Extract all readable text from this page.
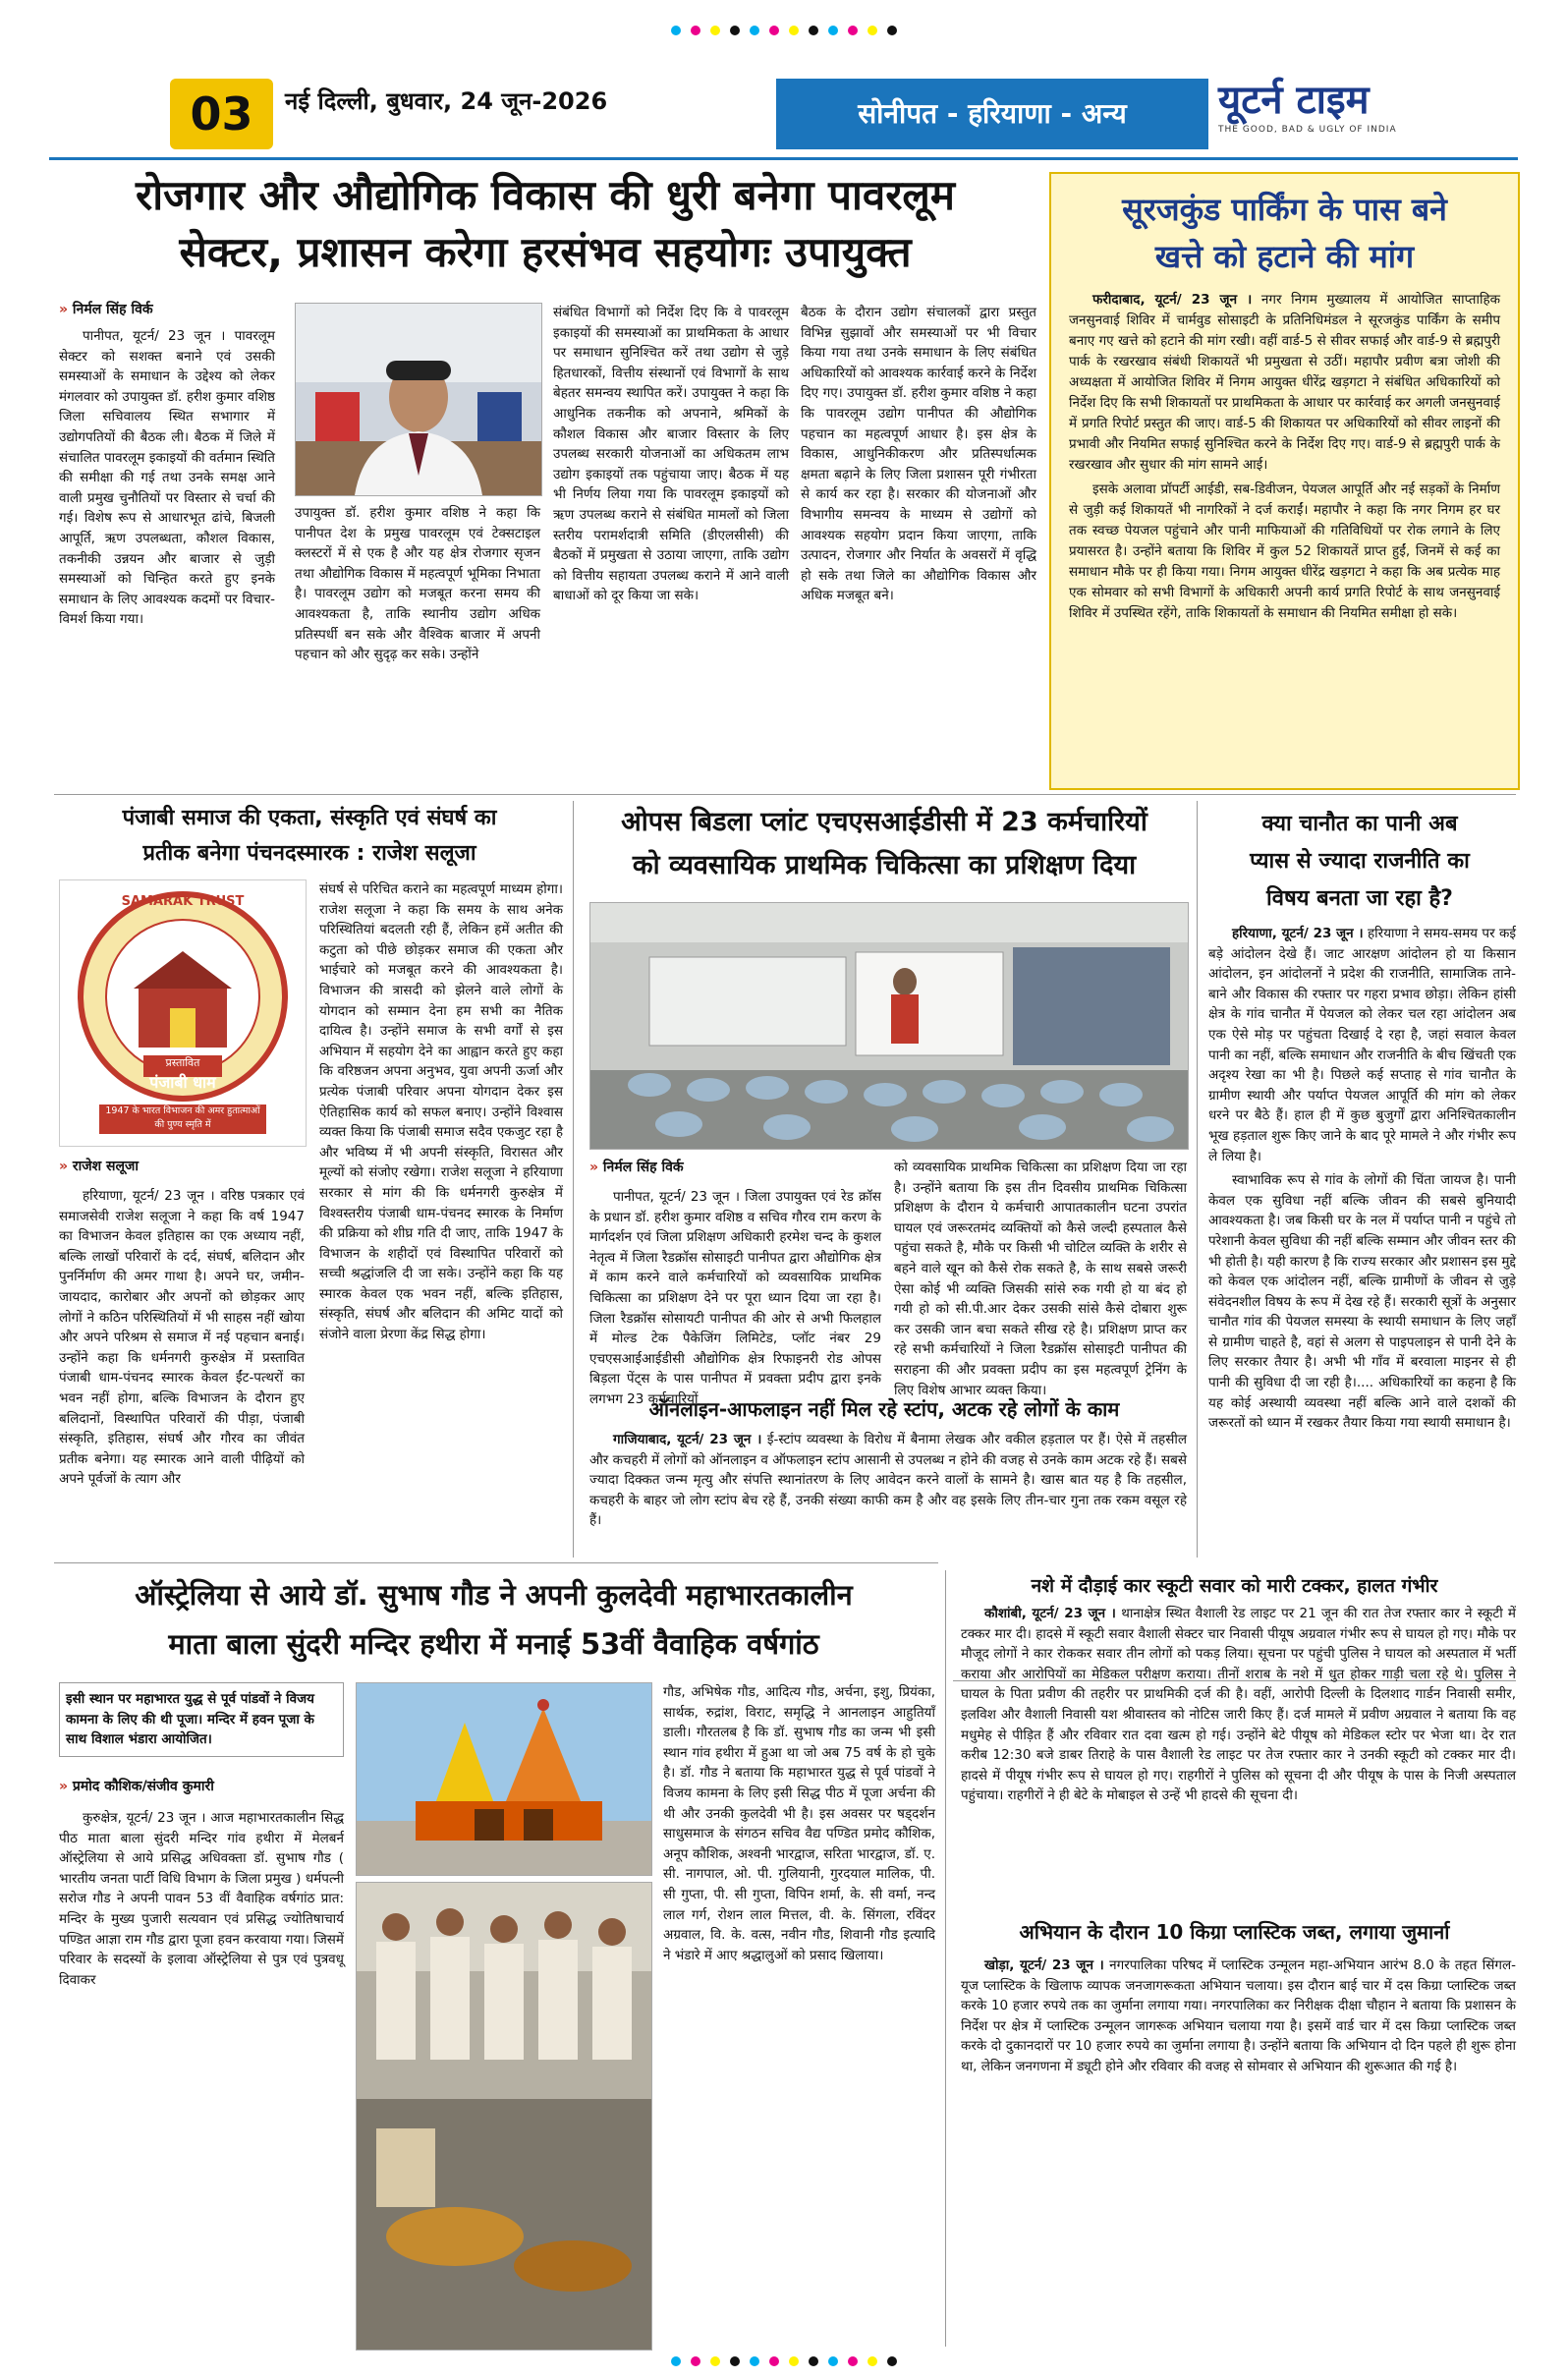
03	नई दिल्ली, बुधवार, 24 जून-2026	सोनीपत - हरियाणा - अन्य	यूटर्न टाइम
THE GOOD, BAD & UGLY OF INDIA
रोजगार और औद्योगिक विकास की धुरी बनेगा पावरलूम
सेक्टर, प्रशासन करेगा हरसंभव सहयोगः उपायुक्त
» निर्मल सिंह विर्क

पानीपत, यूटर्न/ 23 जून । पावरलूम सेक्टर को सशक्त बनाने एवं उसकी समस्याओं के समाधान के उद्देश्य को लेकर मंगलवार को उपायुक्त डॉ. हरीश कुमार वशिष्ठ जिला सचिवालय स्थित सभागार में उद्योगपतियों की बैठक ली। बैठक में जिले में संचालित पावरलूम इकाइयों की वर्तमान स्थिति की समीक्षा की गई तथा उनके समक्ष आने वाली प्रमुख चुनौतियों पर विस्तार से चर्चा की गई। विशेष रूप से आधारभूत ढांचे, बिजली आपूर्ति, ऋण उपलब्धता, कौशल विकास, तकनीकी उन्नयन और बाजार से जुड़ी समस्याओं को चिन्हित करते हुए इनके समाधान के लिए आवश्यक कदमों पर विचार-विमर्श किया गया।

उपायुक्त डॉ. हरीश कुमार वशिष्ठ ने कहा कि पानीपत देश के प्रमुख पावरलूम एवं टेक्सटाइल क्लस्टरों में से एक है और यह क्षेत्र रोजगार सृजन तथा औद्योगिक विकास में महत्वपूर्ण भूमिका निभाता है। पावरलूम उद्योग को मजबूत करना समय की आवश्यकता है, ताकि स्थानीय उद्योग अधिक प्रतिस्पर्धी बन सके और वैश्विक बाजार में अपनी पहचान को और सुदृढ़ कर सके। उन्होंने

संबंधित विभागों को निर्देश दिए कि वे पावरलूम इकाइयों की समस्याओं का प्राथमिकता के आधार पर समाधान सुनिश्चित करें तथा उद्योग से जुड़े हितधारकों, वित्तीय संस्थानों एवं विभागों के साथ बेहतर समन्वय स्थापित करें। उपायुक्त ने कहा कि आधुनिक तकनीक को अपनाने, श्रमिकों के कौशल विकास और बाजार विस्तार के लिए उपलब्ध सरकारी योजनाओं का अधिकतम लाभ उद्योग इकाइयों तक पहुंचाया जाए। बैठक में यह भी निर्णय लिया गया कि पावरलूम इकाइयों को ऋण उपलब्ध कराने से संबंधित मामलों को जिला स्तरीय परामर्शदात्री समिति (डीएलसीसी) की बैठकों में प्रमुखता से उठाया जाएगा, ताकि उद्योग को वित्तीय सहायता उपलब्ध कराने में आने वाली बाधाओं को दूर किया जा सके।

बैठक के दौरान उद्योग संचालकों द्वारा प्रस्तुत विभिन्न सुझावों और समस्याओं पर भी विचार किया गया तथा उनके समाधान के लिए संबंधित अधिकारियों को आवश्यक कार्रवाई करने के निर्देश दिए गए। उपायुक्त डॉ. हरीश कुमार वशिष्ठ ने कहा कि पावरलूम उद्योग पानीपत की औद्योगिक पहचान का महत्वपूर्ण आधार है। इस क्षेत्र के विकास, आधुनिकीकरण और प्रतिस्पर्धात्मक क्षमता बढ़ाने के लिए जिला प्रशासन पूरी गंभीरता से कार्य कर रहा है। सरकार की योजनाओं और विभागीय समन्वय के माध्यम से उद्योगों को आवश्यक सहयोग प्रदान किया जाएगा, ताकि उत्पादन, रोजगार और निर्यात के अवसरों में वृद्धि हो सके तथा जिले का औद्योगिक विकास और अधिक मजबूत बने।

सूरजकुंड पार्किंग के पास बने
खत्ते को हटाने की मांग

फरीदाबाद, यूटर्न/ 23 जून । नगर निगम मुख्यालय में आयोजित साप्ताहिक जनसुनवाई शिविर में चार्मवुड सोसाइटी के प्रतिनिधिमंडल ने सूरजकुंड पार्किंग के समीप बनाए गए खत्ते को हटाने की मांग रखी। वहीं वार्ड-5 से सीवर सफाई और वार्ड-9 से ब्रह्मपुरी पार्क के रखरखाव संबंधी शिकायतें भी प्रमुखता से उठीं। महापौर प्रवीण बत्रा जोशी की अध्यक्षता में आयोजित शिविर में निगम आयुक्त धीरेंद्र खड़गटा ने संबंधित अधिकारियों को निर्देश दिए कि सभी शिकायतों पर प्राथमिकता के आधार पर कार्रवाई कर अगली जनसुनवाई में प्रगति रिपोर्ट प्रस्तुत की जाए। वार्ड-5 की शिकायत पर अधिकारियों को सीवर लाइनों की प्रभावी और नियमित सफाई सुनिश्चित करने के निर्देश दिए गए। वार्ड-9 से ब्रह्मपुरी पार्क के रखरखाव और सुधार की मांग सामने आई।

इसके अलावा प्रॉपर्टी आईडी, सब-डिवीजन, पेयजल आपूर्ति और नई सड़कों के निर्माण से जुड़ी कई शिकायतें भी नागरिकों ने दर्ज कराईं। महापौर ने कहा कि नगर निगम हर घर तक स्वच्छ पेयजल पहुंचाने और पानी माफियाओं की गतिविधियों पर रोक लगाने के लिए प्रयासरत है। उन्होंने बताया कि शिविर में कुल 52 शिकायतें प्राप्त हुईं, जिनमें से कई का समाधान मौके पर ही किया गया। निगम आयुक्त धीरेंद्र खड़गटा ने कहा कि अब प्रत्येक माह एक सोमवार को सभी विभागों के अधिकारी अपनी कार्य प्रगति रिपोर्ट के साथ जनसुनवाई शिविर में उपस्थित रहेंगे, ताकि शिकायतों के समाधान की नियमित समीक्षा हो सके।

पंजाबी समाज की एकता, संस्कृति एवं संघर्ष का
प्रतीक बनेगा पंचनदस्मारक : राजेश सलूजा
SAMARAK TRUST
प्रस्तावित
पंजाबी धाम
1947 के भारत विभाजन की अमर हुतात्माओं की पुण्य स्मृति में
» राजेश सलूजा

हरियाणा, यूटर्न/ 23 जून । वरिष्ठ पत्रकार एवं समाजसेवी राजेश सलूजा ने कहा कि वर्ष 1947 का विभाजन केवल इतिहास का एक अध्याय नहीं, बल्कि लाखों परिवारों के दर्द, संघर्ष, बलिदान और पुनर्निर्माण की अमर गाथा है। अपने घर, जमीन-जायदाद, कारोबार और अपनों को छोड़कर आए लोगों ने कठिन परिस्थितियों में भी साहस नहीं खोया और अपने परिश्रम से समाज में नई पहचान बनाई। उन्होंने कहा कि धर्मनगरी कुरुक्षेत्र में प्रस्तावित पंजाबी धाम-पंचनद स्मारक केवल ईंट-पत्थरों का भवन नहीं होगा, बल्कि विभाजन के दौरान हुए बलिदानों, विस्थापित परिवारों की पीड़ा, पंजाबी संस्कृति, इतिहास, संघर्ष और गौरव का जीवंत प्रतीक बनेगा। यह स्मारक आने वाली पीढ़ियों को अपने पूर्वजों के त्याग और

संघर्ष से परिचित कराने का महत्वपूर्ण माध्यम होगा। राजेश सलूजा ने कहा कि समय के साथ अनेक परिस्थितियां बदलती रही हैं, लेकिन हमें अतीत की कटुता को पीछे छोड़कर समाज की एकता और भाईचारे को मजबूत करने की आवश्यकता है। विभाजन की त्रासदी को झेलने वाले लोगों के योगदान को सम्मान देना हम सभी का नैतिक दायित्व है। उन्होंने समाज के सभी वर्गों से इस अभियान में सहयोग देने का आह्वान करते हुए कहा कि वरिष्ठजन अपना अनुभव, युवा अपनी ऊर्जा और प्रत्येक पंजाबी परिवार अपना योगदान देकर इस ऐतिहासिक कार्य को सफल बनाए। उन्होंने विश्वास व्यक्त किया कि पंजाबी समाज सदैव एकजुट रहा है और भविष्य में भी अपनी संस्कृति, विरासत और मूल्यों को संजोए रखेगा। राजेश सलूजा ने हरियाणा सरकार से मांग की कि धर्मनगरी कुरुक्षेत्र में विश्वस्तरीय पंजाबी धाम-पंचनद स्मारक के निर्माण की प्रक्रिया को शीघ्र गति दी जाए, ताकि 1947 के विभाजन के शहीदों एवं विस्थापित परिवारों को सच्ची श्रद्धांजलि दी जा सके। उन्होंने कहा कि यह स्मारक केवल एक भवन नहीं, बल्कि इतिहास, संस्कृति, संघर्ष और बलिदान की अमिट यादों को संजोने वाला प्रेरणा केंद्र सिद्ध होगा।

ओपस बिडला प्लांट एचएसआईडीसी में 23 कर्मचारियों
को व्यवसायिक प्राथमिक चिकित्सा का प्रशिक्षण दिया
» निर्मल सिंह विर्क

पानीपत, यूटर्न/ 23 जून । जिला उपायुक्त एवं रेड क्रॉस के प्रधान डॉ. हरीश कुमार वशिष्ठ व सचिव गौरव राम करण के मार्गदर्शन एवं जिला प्रशिक्षण अधिकारी हरमेश चन्द के कुशल नेतृत्व में जिला रैडक्रॉस सोसाइटी पानीपत द्वारा औद्योगिक क्षेत्र में काम करने वाले कर्मचारियों को व्यवसायिक प्राथमिक चिकित्सा का प्रशिक्षण देने पर पूरा ध्यान दिया जा रहा है। जिला रैडक्रॉस सोसायटी पानीपत की ओर से अभी फिलहाल में मोल्ड टेक पैकेजिंग लिमिटेड, प्लॉट नंबर 29 एचएसआईआईडीसी औद्योगिक क्षेत्र रिफाइनरी रोड ओपस बिड़ला पेंट्स के पास पानीपत में प्रवक्ता प्रदीप द्वारा इनके लगभग 23 कर्मचारियों

को व्यवसायिक प्राथमिक चिकित्सा का प्रशिक्षण दिया जा रहा है। उन्होंने बताया कि इस तीन दिवसीय प्राथमिक चिकित्सा प्रशिक्षण के दौरान ये कर्मचारी आपातकालीन घटना उपरांत घायल एवं जरूरतमंद व्यक्तियों को कैसे जल्दी हस्पताल कैसे पहुंचा सकते है, मौके पर किसी भी चोटिल व्यक्ति के शरीर से बहने वाले खून को कैसे रोक सकते है, के साथ सबसे जरूरी ऐसा कोई भी व्यक्ति जिसकी सांसे रुक गयी हो या बंद हो गयी हो को सी.पी.आर देकर उसकी सांसे कैसे दोबारा शुरू कर उसकी जान बचा सकते सीख रहे है। प्रशिक्षण प्राप्त कर रहे सभी कर्मचारियों ने जिला रैडक्रॉस सोसाइटी पानीपत की सराहना की और प्रवक्ता प्रदीप का इस महत्वपूर्ण ट्रेनिंग के लिए विशेष आभार व्यक्त किया।

ऑनलाइन-आफलाइन नहीं मिल रहे स्टांप, अटक रहे लोगों के काम

गाजियाबाद, यूटर्न/ 23 जून । ई-स्टांप व्यवस्था के विरोध में बैनामा लेखक और वकील हड़ताल पर हैं। ऐसे में तहसील और कचहरी में लोगों को ऑनलाइन व ऑफलाइन स्टांप आसानी से उपलब्ध न होने की वजह से उनके काम अटक रहे हैं। सबसे ज्यादा दिक्कत जन्म मृत्यु और संपत्ति स्थानांतरण के लिए आवेदन करने वालों के सामने है। खास बात यह है कि तहसील, कचहरी के बाहर जो लोग स्टांप बेच रहे हैं, उनकी संख्या काफी कम है और वह इसके लिए तीन-चार गुना तक रकम वसूल रहे हैं।

क्या चानौत का पानी अब
प्यास से ज्यादा राजनीति का
विषय बनता जा रहा है?

हरियाणा, यूटर्न/ 23 जून । हरियाणा ने समय-समय पर कई बड़े आंदोलन देखे हैं। जाट आरक्षण आंदोलन हो या किसान आंदोलन, इन आंदोलनों ने प्रदेश की राजनीति, सामाजिक ताने-बाने और विकास की रफ्तार पर गहरा प्रभाव छोड़ा। लेकिन हांसी क्षेत्र के गांव चानौत में पेयजल को लेकर चल रहा आंदोलन अब एक ऐसे मोड़ पर पहुंचता दिखाई दे रहा है, जहां सवाल केवल पानी का नहीं, बल्कि समाधान और राजनीति के बीच खिंचती एक अदृश्य रेखा का भी है। पिछले कई सप्ताह से गांव चानौत के ग्रामीण स्थायी और पर्याप्त पेयजल आपूर्ति की मांग को लेकर धरने पर बैठे हैं। हाल ही में कुछ बुजुर्गों द्वारा अनिश्चितकालीन भूख हड़ताल शुरू किए जाने के बाद पूरे मामले ने और गंभीर रूप ले लिया है।

स्वाभाविक रूप से गांव के लोगों की चिंता जायज है। पानी केवल एक सुविधा नहीं बल्कि जीवन की सबसे बुनियादी आवश्यकता है। जब किसी घर के नल में पर्याप्त पानी न पहुंचे तो परेशानी केवल सुविधा की नहीं बल्कि सम्मान और जीवन स्तर की भी होती है। यही कारण है कि राज्य सरकार और प्रशासन इस मुद्दे को केवल एक आंदोलन नहीं, बल्कि ग्रामीणों के जीवन से जुड़े संवेदनशील विषय के रूप में देख रहे हैं। सरकारी सूत्रों के अनुसार चानौत गांव की पेयजल समस्या के स्थायी समाधान के लिए जहाँ से ग्रामीण चाहते है, वहां से अलग से पाइपलाइन से पानी देने के लिए सरकार तैयार है। अभी भी गाँव में बरवाला माइनर से ही पानी की सुविधा दी जा रही है।.... अधिकारियों का कहना है कि यह कोई अस्थायी व्यवस्था नहीं बल्कि आने वाले दशकों की जरूरतों को ध्यान में रखकर तैयार किया गया स्थायी समाधान है।

ऑस्ट्रेलिया से आये डॉ. सुभाष गौड ने अपनी कुलदेवी महाभारतकालीन
माता बाला सुंदरी मन्दिर हथीरा में मनाई 53वीं वैवाहिक वर्षगांठ
इसी स्थान पर महाभारत युद्ध से पूर्व पांडवों ने विजय कामना के लिए की थी पूजा। मन्दिर में हवन पूजा के साथ विशाल भंडारा आयोजित।
» प्रमोद कौशिक/संजीव कुमारी

कुरुक्षेत्र, यूटर्न/ 23 जून । आज महाभारतकालीन सिद्ध पीठ माता बाला सुंदरी मन्दिर गांव हथीरा में मेलबर्न ऑस्ट्रेलिया से आये प्रसिद्ध अधिवक्ता डॉ. सुभाष गौड ( भारतीय जनता पार्टी विधि विभाग के जिला प्रमुख ) धर्मपत्नी सरोज गौड ने अपनी पावन 53 वीं वैवाहिक वर्षगांठ प्रात: मन्दिर के मुख्य पुजारी सत्यवान एवं प्रसिद्ध ज्योतिषाचार्य पण्डित आज्ञा राम गौड द्वारा पूजा हवन करवाया गया। जिसमें परिवार के सदस्यों के इलावा ऑस्ट्रेलिया से पुत्र एवं पुत्रवधू दिवाकर

गौड, अभिषेक गौड, आदित्य गौड, अर्चना, इशु, प्रियंका, सार्थक, रुद्रांश, विराट, समृद्धि ने आनलाइन आहुतियाँ डाली। गौरतलब है कि डॉ. सुभाष गौड का जन्म भी इसी स्थान गांव हथीरा में हुआ था जो अब 75 वर्ष के हो चुके है। डॉ. गौड ने बताया कि महाभारत युद्ध से पूर्व पांडवों ने विजय कामना के लिए इसी सिद्ध पीठ में पूजा अर्चना की थी और उनकी कुलदेवी भी है। इस अवसर पर षड्दर्शन साधुसमाज के संगठन सचिव वैद्य पण्डित प्रमोद कौशिक, अनूप कौशिक, अश्वनी भारद्वाज, सरिता भारद्वाज, डॉ. ए. सी. नागपाल, ओ. पी. गुलियानी, गुरदयाल मालिक, पी. सी गुप्ता, पी. सी गुप्ता, विपिन शर्मा, के. सी वर्मा, नन्द लाल गर्ग, रोशन लाल मित्तल, वी. के. सिंगला, रविंदर अग्रवाल, वि. के. वत्स, नवीन गौड, शिवानी गौड इत्यादि ने भंडारे में आए श्रद्धालुओं को प्रसाद खिलाया।

नशे में दौड़ाई कार स्कूटी सवार को मारी टक्कर, हालत गंभीर

कौशांबी, यूटर्न/ 23 जून । थानाक्षेत्र स्थित वैशाली रेड लाइट पर 21 जून की रात तेज रफ्तार कार ने स्कूटी में टक्कर मार दी। हादसे में स्कूटी सवार वैशाली सेक्टर चार निवासी पीयूष अग्रवाल गंभीर रूप से घायल हो गए। मौके पर मौजूद लोगों ने कार रोककर सवार तीन लोगों को पकड़ लिया। सूचना पर पहुंची पुलिस ने घायल को अस्पताल में भर्ती कराया और आरोपियों का मेडिकल परीक्षण कराया। तीनों शराब के नशे में धुत होकर गाड़ी चला रहे थे। पुलिस ने घायल के पिता प्रवीण की तहरीर पर प्राथमिकी दर्ज की है। वहीं, आरोपी दिल्ली के दिलशाद गार्डन निवासी समीर, इलविश और वैशाली निवासी यश श्रीवास्तव को नोटिस जारी किए हैं। दर्ज मामले में प्रवीण अग्रवाल ने बताया कि वह मधुमेह से पीड़ित हैं और रविवार रात दवा खत्म हो गई। उन्होंने बेटे पीयूष को मेडिकल स्टोर पर भेजा था। देर रात करीब 12:30 बजे डाबर तिराहे के पास वैशाली रेड लाइट पर तेज रफ्तार कार ने उनकी स्कूटी को टक्कर मार दी। हादसे में पीयूष गंभीर रूप से घायल हो गए। राहगीरों ने पुलिस को सूचना दी और पीयूष के पास के निजी अस्पताल पहुंचाया। राहगीरों ने ही बेटे के मोबाइल से उन्हें भी हादसे की सूचना दी।

अभियान के दौरान 10 किग्रा प्लास्टिक जब्त, लगाया जुमार्ना

खोड़ा, यूटर्न/ 23 जून । नगरपालिका परिषद में प्लास्टिक उन्मूलन महा-अभियान आरंभ 8.0 के तहत सिंगल-यूज प्लास्टिक के खिलाफ व्यापक जनजागरूकता अभियान चलाया। इस दौरान बाई चार में दस किग्रा प्लास्टिक जब्त करके 10 हजार रुपये तक का जुर्माना लगाया गया। नगरपालिका कर निरीक्षक दीक्षा चौहान ने बताया कि प्रशासन के निर्देश पर क्षेत्र में प्लास्टिक उन्मूलन जागरूक अभियान चलाया गया है। इसमें वार्ड चार में दस किग्रा प्लास्टिक जब्त करके दो दुकानदारों पर 10 हजार रुपये का जुर्माना लगाया है। उन्होंने बताया कि अभियान दो दिन पहले ही शुरू होना था, लेकिन जनगणना में ड्यूटी होने और रविवार की वजह से सोमवार से अभियान की शुरूआत की गई है।
